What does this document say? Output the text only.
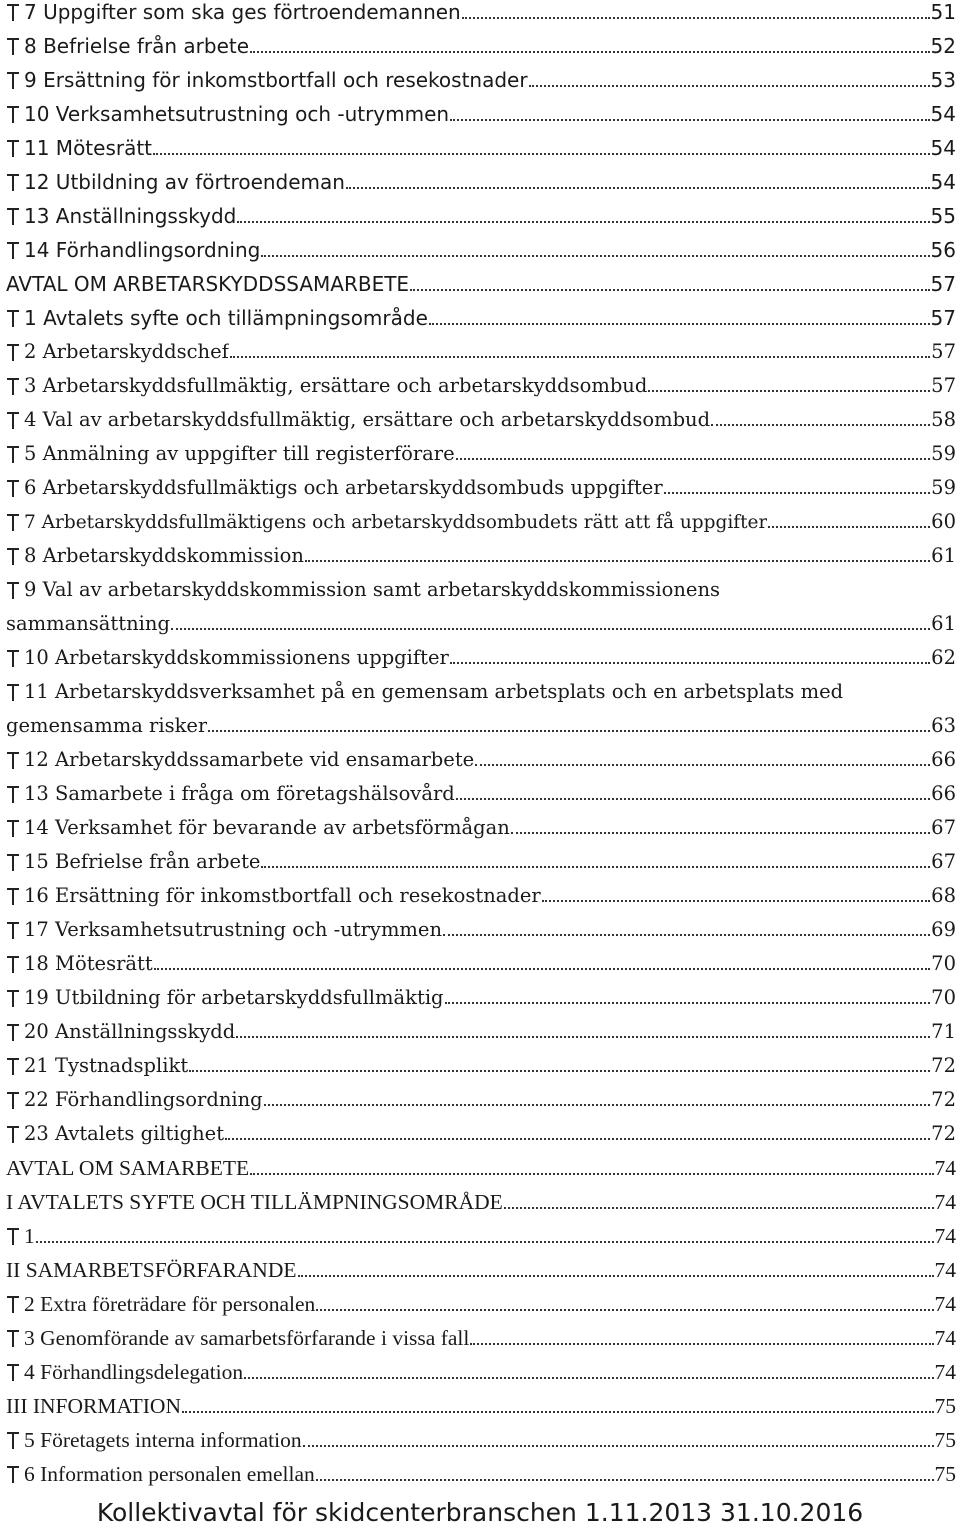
7 Uppgifter som ska ges förtroendemannen	51
8 Befrielse från arbete	52
9 Ersättning för inkomstbortfall och resekostnader	53
10 Verksamhetsutrustning och -utrymmen	54
11 Mötesrätt	54
12 Utbildning av förtroendeman	54
13 Anställningsskydd	55
14 Förhandlingsordning	56
AVTAL OM ARBETARSKYDDSSAMARBETE	57
1 Avtalets syfte och tillämpningsområde	57
2 Arbetarskyddschef	57
3 Arbetarskyddsfullmäktig, ersättare och arbetarskyddsombud	57
4 Val av arbetarskyddsfullmäktig, ersättare och arbetarskyddsombud	58
5 Anmälning av uppgifter till registerförare	59
6 Arbetarskyddsfullmäktigs och arbetarskyddsombuds uppgifter	59
7 Arbetarskyddsfullmäktigens och arbetarskyddsombudets rätt att få uppgifter	60
8 Arbetarskyddskommission	61
9 Val av arbetarskyddskommission samt arbetarskyddskommissionens
sammansättning	61
10 Arbetarskyddskommissionens uppgifter	62
11 Arbetarskyddsverksamhet på en gemensam arbetsplats och en arbetsplats med
gemensamma risker	63
12 Arbetarskyddssamarbete vid ensamarbete	66
13 Samarbete i fråga om företagshälsovård	66
14 Verksamhet för bevarande av arbetsförmågan	67
15 Befrielse från arbete	67
16 Ersättning för inkomstbortfall och resekostnader	68
17 Verksamhetsutrustning och -utrymmen	69
18 Mötesrätt	70
19 Utbildning för arbetarskyddsfullmäktig	70
20 Anställningsskydd	71
21 Tystnadsplikt	72
22 Förhandlingsordning	72
23 Avtalets giltighet	72
AVTAL OM SAMARBETE	74
I AVTALETS SYFTE OCH TILLÄMPNINGSOMRÅDE	74
1	74
II SAMARBETSFÖRFARANDE	74
2 Extra företrädare för personalen	74
3 Genomförande av samarbetsförfarande i vissa fall	74
4 Förhandlingsdelegation	74
III INFORMATION	75
5 Företagets interna information	75
6 Information personalen emellan	75
Kollektivavtal för skidcenterbranschen 1.11.2013 31.10.2016
